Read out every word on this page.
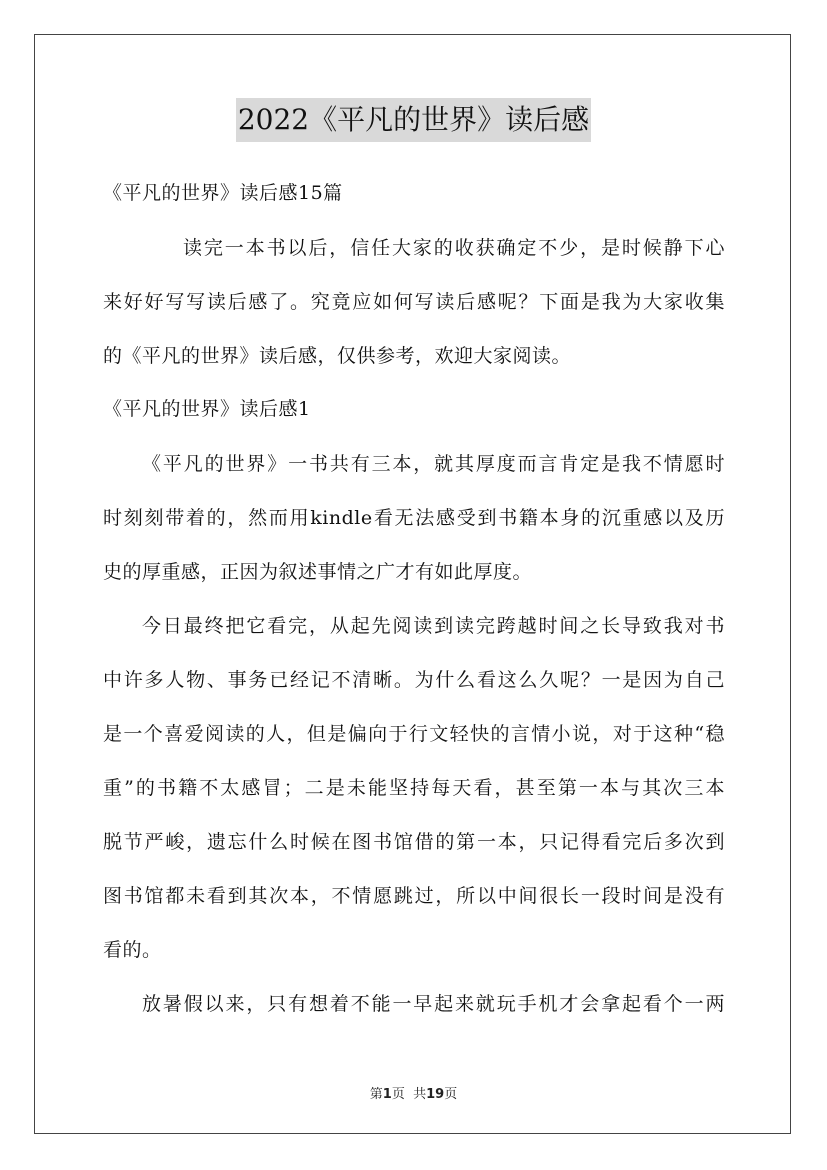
2022《平凡的世界》读后感
《平凡的世界》读后感15篇
读完一本书以后，信任大家的收获确定不少，是时候静下心
来好好写写读后感了。究竟应如何写读后感呢？下面是我为大家收集
的《平凡的世界》读后感，仅供参考，欢迎大家阅读。
《平凡的世界》读后感1
《平凡的世界》一书共有三本，就其厚度而言肯定是我不情愿时
时刻刻带着的，然而用kindle看无法感受到书籍本身的沉重感以及历
史的厚重感，正因为叙述事情之广才有如此厚度。
今日最终把它看完，从起先阅读到读完跨越时间之长导致我对书
中许多人物、事务已经记不清晰。为什么看这么久呢？一是因为自己
是一个喜爱阅读的人，但是偏向于行文轻快的言情小说，对于这种“稳
重”的书籍不太感冒；二是未能坚持每天看，甚至第一本与其次三本
脱节严峻，遗忘什么时候在图书馆借的第一本，只记得看完后多次到
图书馆都未看到其次本，不情愿跳过，所以中间很长一段时间是没有
看的。
放暑假以来，只有想着不能一早起来就玩手机才会拿起看个一两
第1页  共19页
